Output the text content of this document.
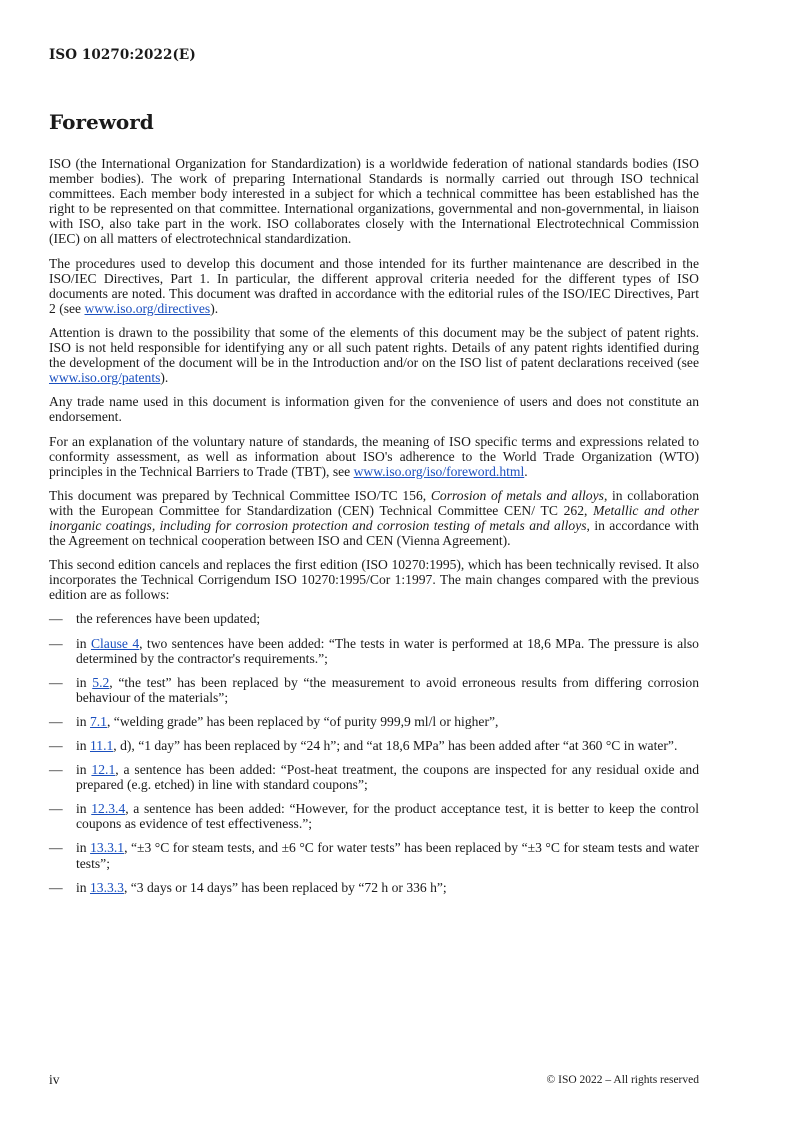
ISO 10270:2022(E)
Foreword

ISO (the International Organization for Standardization) is a worldwide federation of national standards bodies (ISO member bodies). The work of preparing International Standards is normally carried out through ISO technical committees. Each member body interested in a subject for which a technical committee has been established has the right to be represented on that committee. International organizations, governmental and non-governmental, in liaison with ISO, also take part in the work. ISO collaborates closely with the International Electrotechnical Commission (IEC) on all matters of electrotechnical standardization.

The procedures used to develop this document and those intended for its further maintenance are described in the ISO/IEC Directives, Part 1. In particular, the different approval criteria needed for the different types of ISO documents are noted. This document was drafted in accordance with the editorial rules of the ISO/IEC Directives, Part 2 (see www.iso.org/directives).

Attention is drawn to the possibility that some of the elements of this document may be the subject of patent rights. ISO is not held responsible for identifying any or all such patent rights. Details of any patent rights identified during the development of the document will be in the Introduction and/or on the ISO list of patent declarations received (see www.iso.org/patents).

Any trade name used in this document is information given for the convenience of users and does not constitute an endorsement.

For an explanation of the voluntary nature of standards, the meaning of ISO specific terms and expressions related to conformity assessment, as well as information about ISO's adherence to the World Trade Organization (WTO) principles in the Technical Barriers to Trade (TBT), see www.iso.org/iso/foreword.html.

This document was prepared by Technical Committee ISO/TC 156, Corrosion of metals and alloys, in collaboration with the European Committee for Standardization (CEN) Technical Committee CEN/ TC 262, Metallic and other inorganic coatings, including for corrosion protection and corrosion testing of metals and alloys, in accordance with the Agreement on technical cooperation between ISO and CEN (Vienna Agreement).

This second edition cancels and replaces the first edition (ISO 10270:1995), which has been technically revised. It also incorporates the Technical Corrigendum ISO 10270:1995/Cor 1:1997. The main changes compared with the previous edition are as follows:

— the references have been updated;
— in Clause 4, two sentences have been added: “The tests in water is performed at 18,6 MPa. The pressure is also determined by the contractor's requirements.”;
— in 5.2, “the test” has been replaced by “the measurement to avoid erroneous results from differing corrosion behaviour of the materials”;
— in 7.1, “welding grade” has been replaced by “of purity 999,9 ml/l or higher”,
— in 11.1, d), “1 day” has been replaced by “24 h”; and “at 18,6 MPa” has been added after “at 360 °C in water”.
— in 12.1, a sentence has been added: “Post-heat treatment, the coupons are inspected for any residual oxide and prepared (e.g. etched) in line with standard coupons”;
— in 12.3.4, a sentence has been added: “However, for the product acceptance test, it is better to keep the control coupons as evidence of test effectiveness.”;
— in 13.3.1, “±3 °C for steam tests, and ±6 °C for water tests” has been replaced by “±3 °C for steam tests and water tests”;
— in 13.3.3, “3 days or 14 days” has been replaced by “72 h or 336 h”;
iv	© ISO 2022 – All rights reserved
